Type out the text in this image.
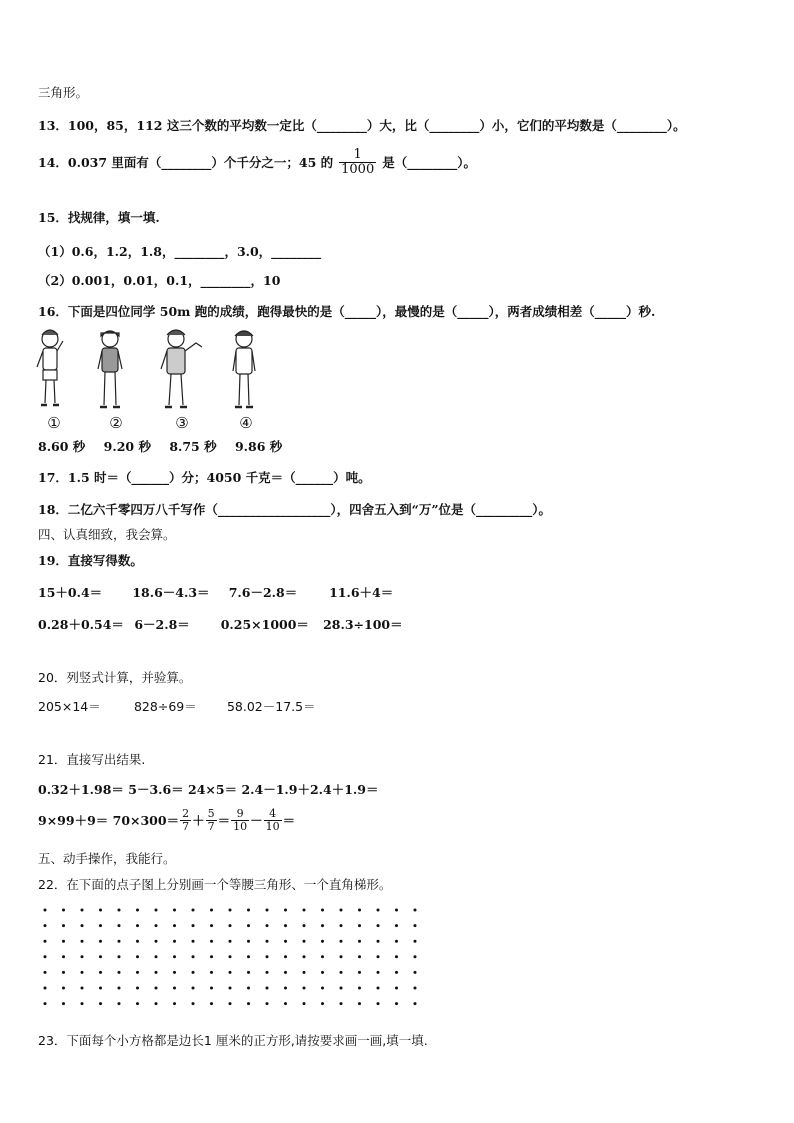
三角形。
13．100，85，112 这三个数的平均数一定比（________）大，比（________）小，它们的平均数是（________）。
14．0.037 里面有（________）个千分之一；45 的 $\frac{1}{1000}$ 是（________）。
15．找规律，填一填.
（1）0.6，1.2，1.8，________，3.0，________
（2）0.001，0.01，0.1，________，10
16．下面是四位同学 50m 跑的成绩，跑得最快的是（_____），最慢的是（_____），两者成绩相差（_____）秒.
①	②	③	④
8.60 秒 9.20 秒 8.75 秒 9.86 秒
17．1.5 时＝（______）分；4050 千克＝（______）吨。
18．二亿六千零四万八千写作（__________________），四舍五入到“万”位是（_________）。
四、认真细致，我会算。
19．直接写得数。
15＋0.4＝ 18.6－4.3＝ 7.6－2.8＝	11.6＋4＝
0.28＋0.54＝ 6－2.8＝ 0.25×1000＝ 28.3÷100＝
20．列竖式计算，并验算。
205×14＝	828÷69＝ 58.02－17.5＝
21．直接写出结果.
0.32＋1.98＝ 5－3.6＝ 24×5＝ 2.4－1.9＋2.4＋1.9＝
$9\times 99+9= 70\times 300= \frac{2}{7} + \frac{5}{7} = \frac{9}{10} - \frac{4}{10}$ ＝
五、动手操作，我能行。
22．在下面的点子图上分别画一个等腰三角形、一个直角梯形。
23．下面每个小方格都是边长1 厘米的正方形,请按要求画一画,填一填.
